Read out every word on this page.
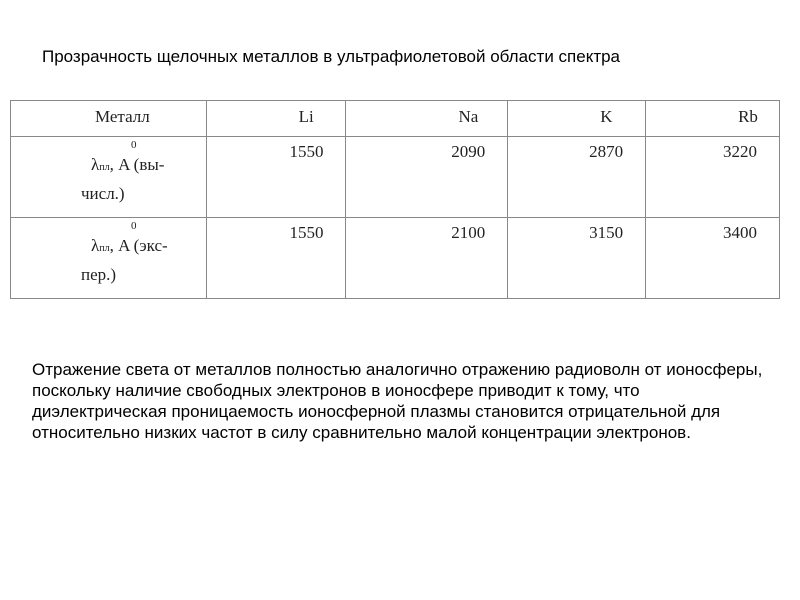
Прозрачность щелочных металлов в ультрафиолетовой области спектра
Металл	Li	Na	K	Rb

0
λпл, A (вы-
числ.)	1550	2090	2870	3220

0
λпл, A (экс-
пер.)	1550	2100	3150	3400
Отражение света от металлов полностью аналогично отражению радиоволн от ионосферы, поскольку наличие свободных электронов в ионосфере приводит к тому, что диэлектрическая проницаемость ионосферной плазмы становится отрицательной для относительно низких частот в силу сравнительно малой концентрации электронов.
